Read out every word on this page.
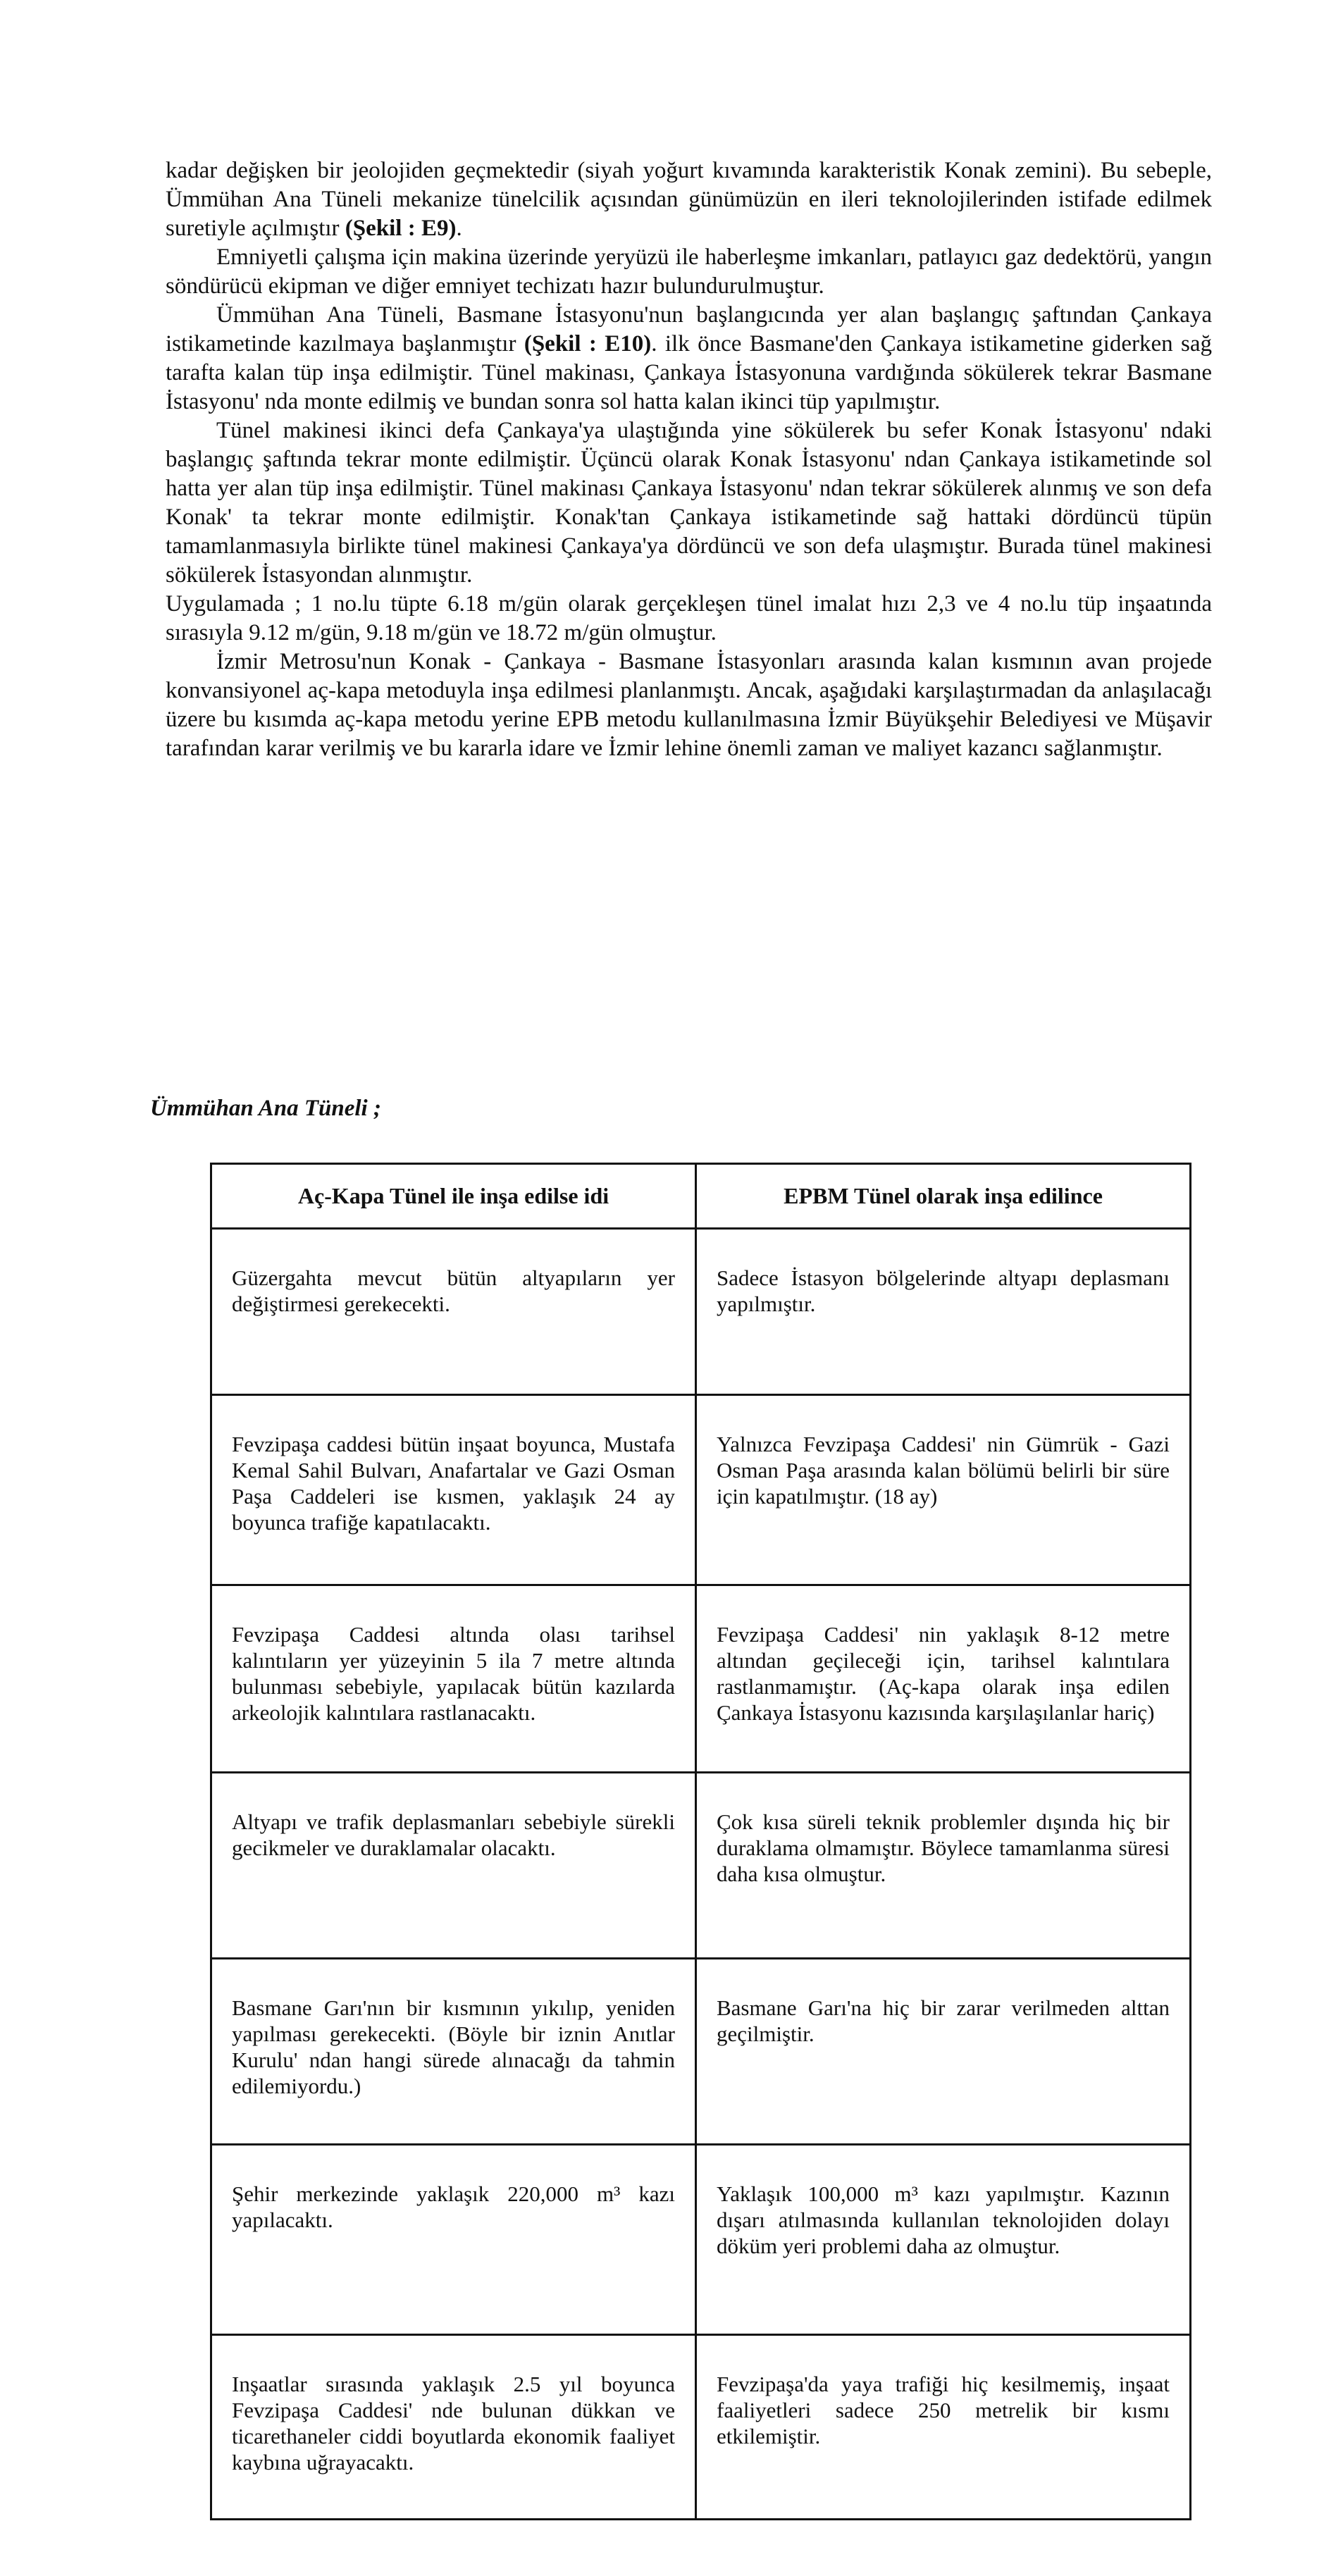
kadar değişken bir jeolojiden geçmektedir (siyah yoğurt kıvamında karakteristik Konak zemini). Bu sebeple, Ümmühan Ana Tüneli mekanize tünelcilik açısından günümüzün en ileri teknolojilerinden istifade edilmek suretiyle açılmıştır (Şekil : E9).

Emniyetli çalışma için makina üzerinde yeryüzü ile haberleşme imkanları, patlayıcı gaz dedektörü, yangın söndürücü ekipman ve diğer emniyet techizatı hazır bulundurulmuştur.

Ümmühan Ana Tüneli, Basmane İstasyonu'nun başlangıcında yer alan başlangıç şaftından Çankaya istikametinde kazılmaya başlanmıştır (Şekil : E10). ilk önce Basmane'den Çankaya istikametine giderken sağ tarafta kalan tüp inşa edilmiştir. Tünel makinası, Çankaya İstasyonuna vardığında sökülerek tekrar Basmane İstasyonu' nda monte edilmiş ve bundan sonra sol hatta kalan ikinci tüp yapılmıştır.

Tünel makinesi ikinci defa Çankaya'ya ulaştığında yine sökülerek bu sefer Konak İstasyonu' ndaki başlangıç şaftında tekrar monte edilmiştir. Üçüncü olarak Konak İstasyonu' ndan Çankaya istikametinde sol hatta yer alan tüp inşa edilmiştir. Tünel makinası Çankaya İstasyonu' ndan tekrar sökülerek alınmış ve son defa Konak' ta tekrar monte edilmiştir. Konak'tan Çankaya istikametinde sağ hattaki dördüncü tüpün tamamlanmasıyla birlikte tünel makinesi Çankaya'ya dördüncü ve son defa ulaşmıştır. Burada tünel makinesi sökülerek İstasyondan alınmıştır.

Uygulamada ; 1 no.lu tüpte 6.18 m/gün olarak gerçekleşen tünel imalat hızı 2,3 ve 4 no.lu tüp inşaatında sırasıyla 9.12 m/gün, 9.18 m/gün ve 18.72 m/gün olmuştur.

İzmir Metrosu'nun Konak - Çankaya - Basmane İstasyonları arasında kalan kısmının avan projede konvansiyonel aç-kapa metoduyla inşa edilmesi planlanmıştı. Ancak, aşağıdaki karşılaştırmadan da anlaşılacağı üzere bu kısımda aç-kapa metodu yerine EPB metodu kullanılmasına İzmir Büyükşehir Belediyesi ve Müşavir tarafından karar verilmiş ve bu kararla idare ve İzmir lehine önemli zaman ve maliyet kazancı sağlanmıştır.

Ümmühan Ana Tüneli ;
Aç-Kapa Tünel ile inşa edilse idi	EPBM Tünel olarak inşa edilince

Güzergahta mevcut bütün altyapıların yer değiştirmesi gerekecekti.	Sadece İstasyon bölgelerinde altyapı deplasmanı yapılmıştır.

Fevzipaşa caddesi bütün inşaat boyunca, Mustafa Kemal Sahil Bulvarı, Anafartalar ve Gazi Osman Paşa Caddeleri ise kısmen, yaklaşık 24 ay boyunca trafiğe kapatılacaktı.	Yalnızca Fevzipaşa Caddesi' nin Gümrük - Gazi Osman Paşa arasında kalan bölümü belirli bir süre için kapatılmıştır. (18 ay)

Fevzipaşa Caddesi altında olası tarihsel kalıntıların yer yüzeyinin 5 ila 7 metre altında bulunması sebebiyle, yapılacak bütün kazılarda arkeolojik kalıntılara rastlanacaktı.	Fevzipaşa Caddesi' nin yaklaşık 8-12 metre altından geçileceği için, tarihsel kalıntılara rastlanmamıştır. (Aç-kapa olarak inşa edilen Çankaya İstasyonu kazısında karşılaşılanlar hariç)

Altyapı ve trafik deplasmanları sebebiyle sürekli gecikmeler ve duraklamalar olacaktı.	Çok kısa süreli teknik problemler dışında hiç bir duraklama olmamıştır. Böylece tamamlanma süresi daha kısa olmuştur.

Basmane Garı'nın bir kısmının yıkılıp, yeniden yapılması gerekecekti. (Böyle bir iznin Anıtlar Kurulu' ndan hangi sürede alınacağı da tahmin edilemiyordu.)	Basmane Garı'na hiç bir zarar verilmeden alttan geçilmiştir.

Şehir merkezinde yaklaşık 220,000 m³ kazı yapılacaktı.	Yaklaşık 100,000 m³ kazı yapılmıştır. Kazının dışarı atılmasında kullanılan teknolojiden dolayı döküm yeri problemi daha az olmuştur.

Inşaatlar sırasında yaklaşık 2.5 yıl boyunca Fevzipaşa Caddesi' nde bulunan dükkan ve ticarethaneler ciddi boyutlarda ekonomik faaliyet kaybına uğrayacaktı.	Fevzipaşa'da yaya trafiği hiç kesilmemiş, inşaat faaliyetleri sadece 250 metrelik bir kısmı etkilemiştir.
